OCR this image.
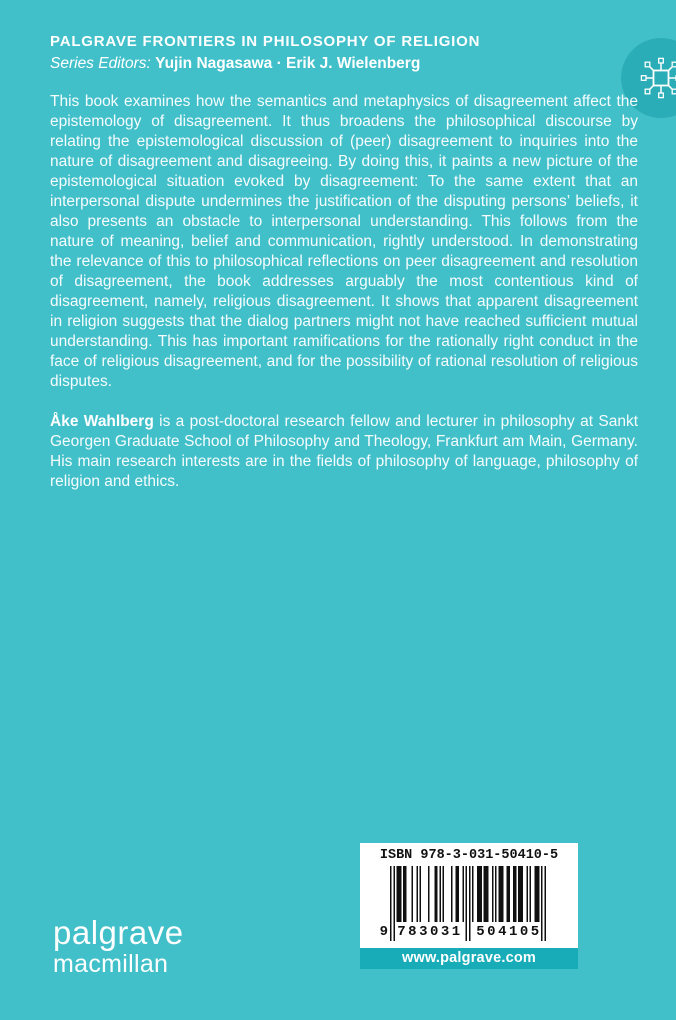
PALGRAVE FRONTIERS IN PHILOSOPHY OF RELIGION
Series Editors: Yujin Nagasawa · Erik J. Wielenberg

This book examines how the semantics and metaphysics of disagreement affect the epistemology of disagreement. It thus broadens the philosophical discourse by relating the epistemological discussion of (peer) disagreement to inquiries into the nature of disagreement and disagreeing. By doing this, it paints a new picture of the epistemological situation evoked by disagreement: To the same extent that an interpersonal dispute undermines the justification of the disputing persons’ beliefs, it also presents an obstacle to interpersonal understanding. This follows from the nature of meaning, belief and communication, rightly understood. In demonstrating the relevance of this to philosophical reflections on peer disagreement and resolution of disagreement, the book addresses arguably the most contentious kind of disagreement, namely, religious disagreement. It shows that apparent disagreement in religion suggests that the dialog partners might not have reached sufficient mutual understanding. This has important ramifications for the rationally right conduct in the face of religious disagreement, and for the possibility of rational resolution of religious disputes.

Åke Wahlberg is a post-doctoral research fellow and lecturer in philosophy at Sankt Georgen Graduate School of Philosophy and Theology, Frankfurt am Main, Germany. His main research interests are in the fields of philosophy of language, philosophy of religion and ethics.

palgrave
macmillan
ISBN 978-3-031-50410-5
9 783031 504105
www.palgrave.com
